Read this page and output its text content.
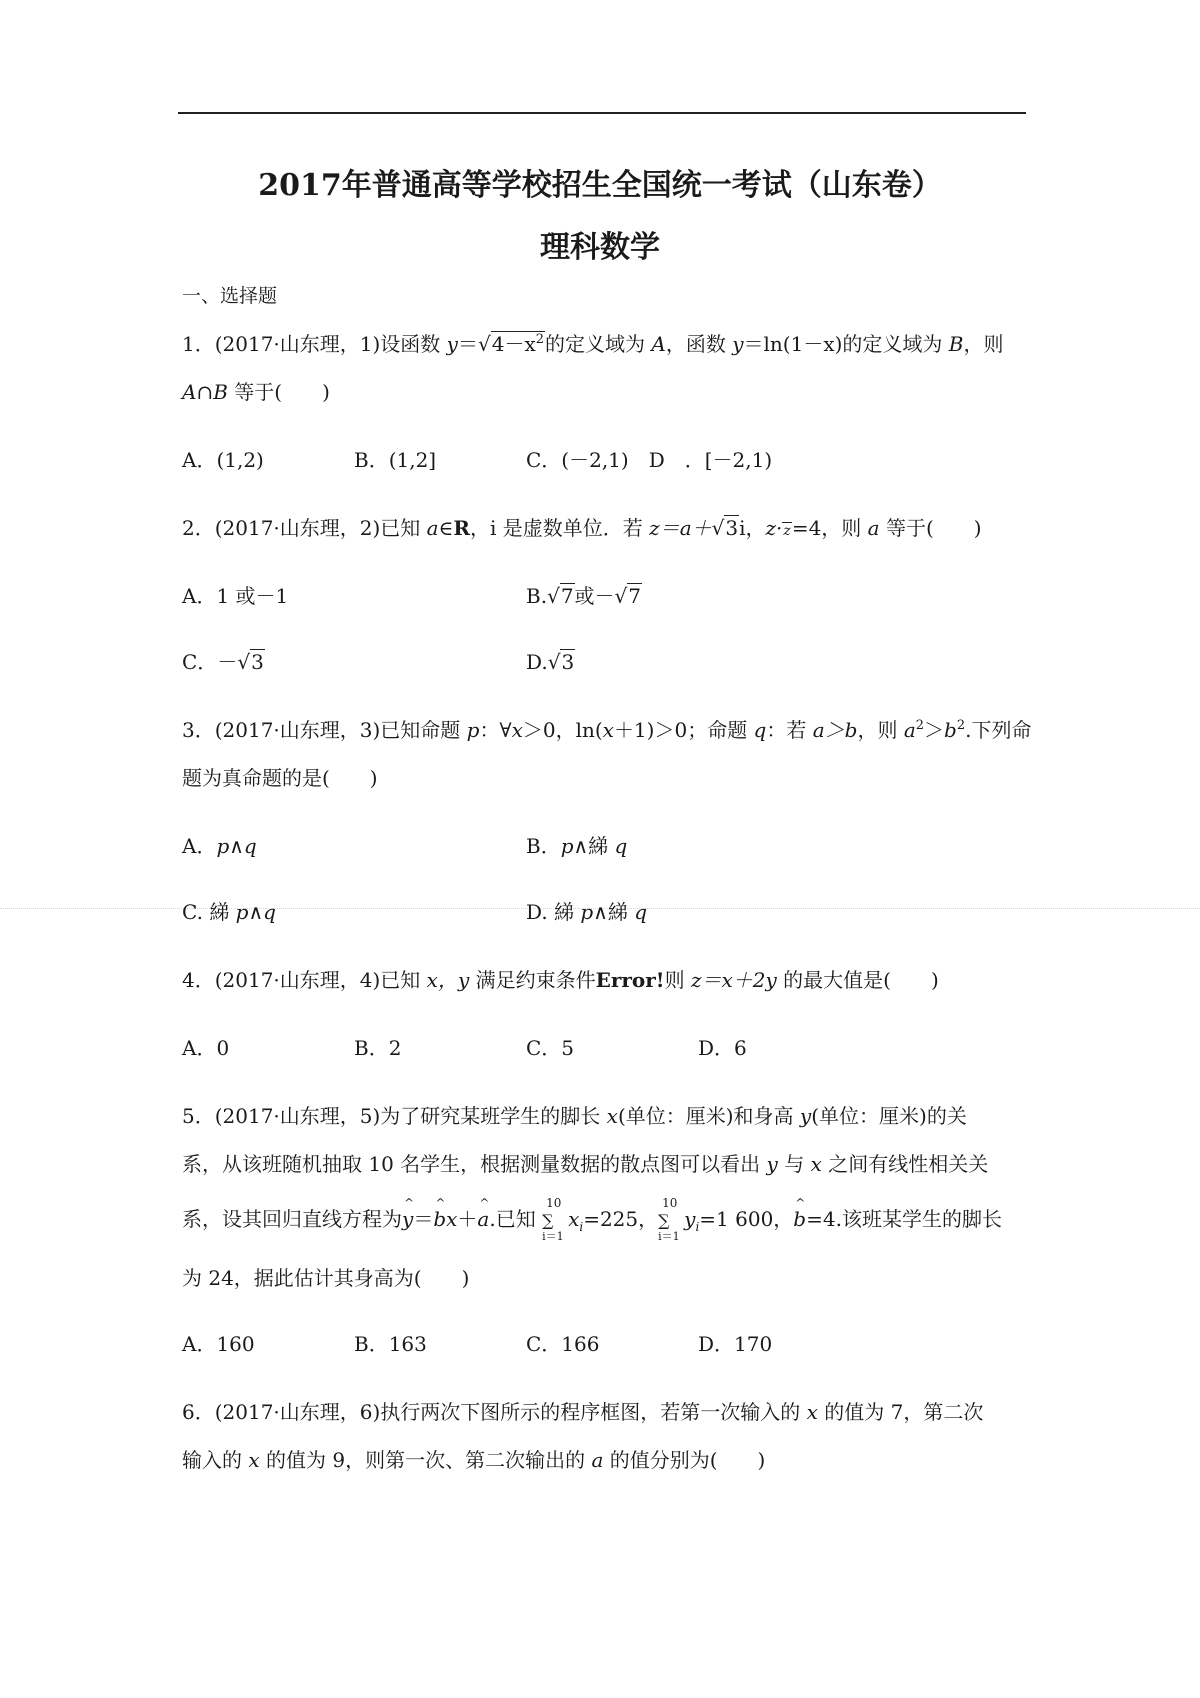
2017年普通高等学校招生全国统一考试（山东卷）
理科数学
一、选择题
1．(2017·山东理，1)设函数 $y=√4-x^2$的定义域为 A，函数 y＝ln(1－x)的定义域为 B，则
A∩B 等于(　　)
A．(1,2)	B．(1,2]	C．(－2,1)　D　．[－2,1)
2．(2017·山东理，2)已知 a∈R，i 是虚数单位．若 z＝a＋√3i，z·z=4，则 a 等于(　　)
A．1 或－1	B.√7或－√7
C．－√3	D.√3
3．(2017·山东理，3)已知命题 p：∀x＞0，ln(x＋1)＞0；命题 q：若 a＞b，则 $a^2>b^2$.下列命
题为真命题的是(　　)
A．p∧q	B．p∧綈 q
C. 綈 p∧q	D. 綈 p∧綈 q
4．(2017·山东理，4)已知 x，y 满足约束条件Error!则 z＝x＋2y 的最大值是(　　)
A．0	B．2	C．5	D．6
5．(2017·山东理，5)为了研究某班学生的脚长 x(单位：厘米)和身高 y(单位：厘米)的关
系，从该班随机抽取 10 名学生，根据测量数据的散点图可以看出 y 与 x 之间有线性相关关
系，设其回归直线方程为
^
y＝
^
bx＋
^
a.已知
10
∑
i＝1
$x_i=225$，
10
∑
i＝1
$y_i=1$ 600，
^
b=4.该班某学生的脚长
为 24，据此估计其身高为(　　)
A．160	B．163	C．166	D．170
6．(2017·山东理，6)执行两次下图所示的程序框图，若第一次输入的 x 的值为 7，第二次
输入的 x 的值为 9，则第一次、第二次输出的 a 的值分别为(　　)
